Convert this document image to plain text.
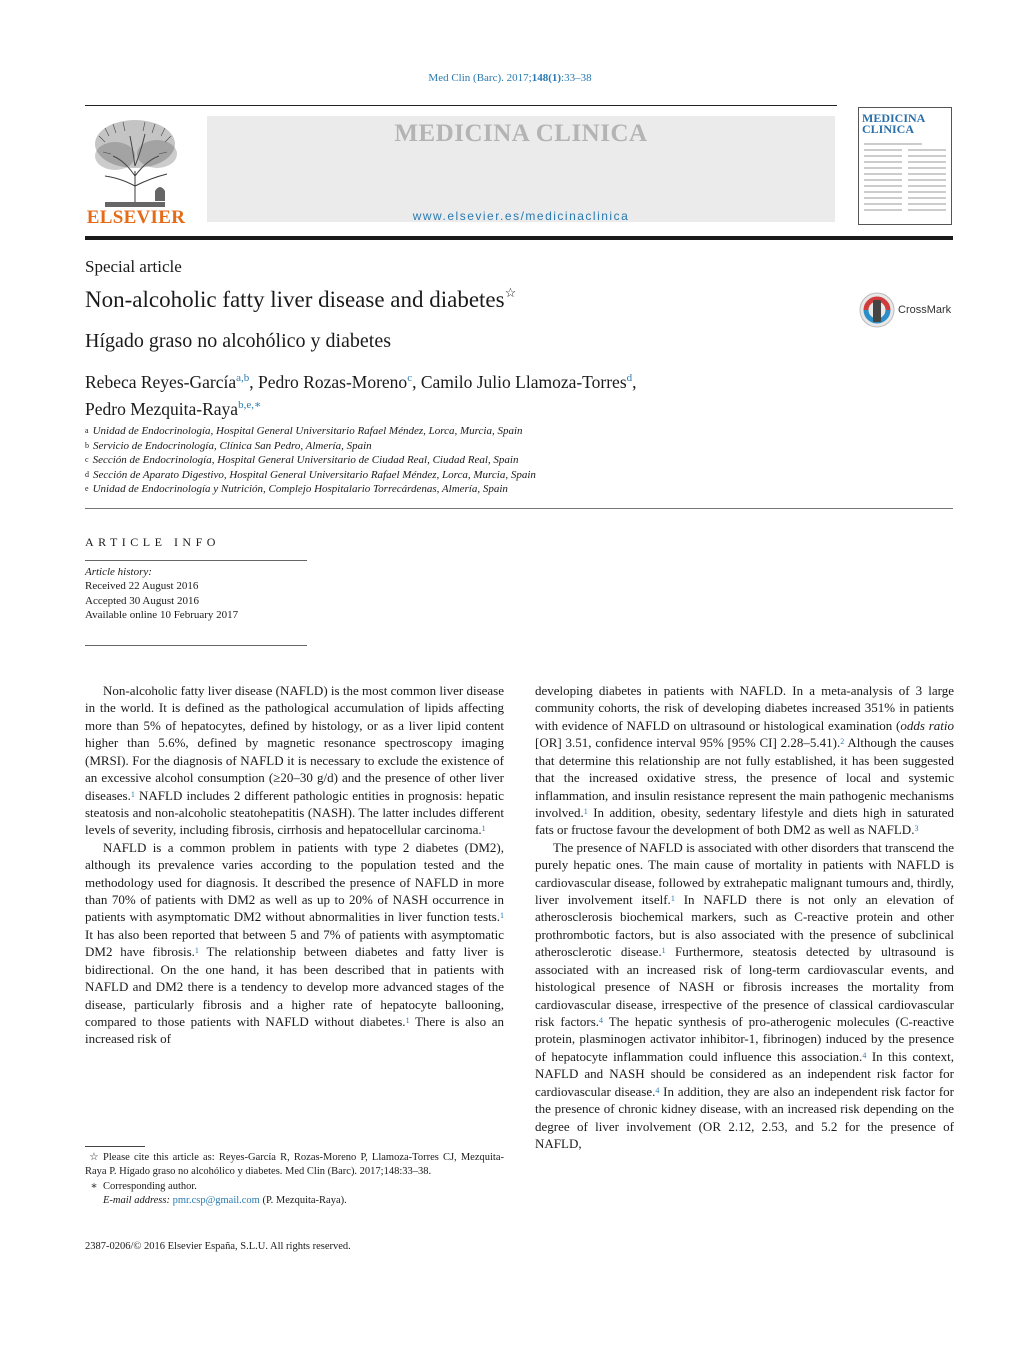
Med Clin (Barc). 2017;148(1):33–38
ELSEVIER
MEDICINA CLINICA
www.elsevier.es/medicinaclinica
MEDICINA CLINICA
Special article
Non-alcoholic fatty liver disease and diabetes☆
Hígado graso no alcohólico y diabetes
CrossMark
Rebeca Reyes-García$^{a,b}$, Pedro Rozas-Moreno$^c$, Camilo Julio Llamoza-Torres$^d$,
Pedro Mezquita-Raya$^{b,e,∗}$
$^a$ Unidad de Endocrinología, Hospital General Universitario Rafael Méndez, Lorca, Murcia, Spain
$^b$ Servicio de Endocrinología, Clínica San Pedro, Almería, Spain
$^c$ Sección de Endocrinología, Hospital General Universitario de Ciudad Real, Ciudad Real, Spain
$^d$ Sección de Aparato Digestivo, Hospital General Universitario Rafael Méndez, Lorca, Murcia, Spain
$^e$ Unidad de Endocrinología y Nutrición, Complejo Hospitalario Torrecárdenas, Almería, Spain
ARTICLE INFO
Article history:
Received 22 August 2016
Accepted 30 August 2016
Available online 10 February 2017

Non-alcoholic fatty liver disease (NAFLD) is the most common liver disease in the world. It is defined as the pathological accumulation of lipids affecting more than 5% of hepatocytes, defined by histology, or as a liver lipid content higher than 5.6%, defined by magnetic resonance spectroscopy imaging (MRSI). For the diagnosis of NAFLD it is necessary to exclude the existence of an excessive alcohol consumption (≥20–30 g/d) and the presence of other liver diseases.$^1$ NAFLD includes 2 different pathologic entities in prognosis: hepatic steatosis and non-alcoholic steatohepatitis (NASH). The latter includes different levels of severity, including fibrosis, cirrhosis and hepatocellular carcinoma.$^1$

NAFLD is a common problem in patients with type 2 diabetes (DM2), although its prevalence varies according to the population tested and the methodology used for diagnosis. It described the presence of NAFLD in more than 70% of patients with DM2 as well as up to 20% of NASH occurrence in patients with asymptomatic DM2 without abnormalities in liver function tests.$^1$ It has also been reported that between 5 and 7% of patients with asymptomatic DM2 have fibrosis.$^1$ The relationship between diabetes and fatty liver is bidirectional. On the one hand, it has been described that in patients with NAFLD and DM2 there is a tendency to develop more advanced stages of the disease, particularly fibrosis and a higher rate of hepatocyte ballooning, compared to those patients with NAFLD without diabetes.$^1$ There is also an increased risk of

developing diabetes in patients with NAFLD. In a meta-analysis of 3 large community cohorts, the risk of developing diabetes increased 351% in patients with evidence of NAFLD on ultrasound or histological examination (odds ratio [OR] 3.51, confidence interval 95% [95% CI] 2.28–5.41).$^2$ Although the causes that determine this relationship are not fully established, it has been suggested that the increased oxidative stress, the presence of local and systemic inflammation, and insulin resistance represent the main pathogenic mechanisms involved.$^1$ In addition, obesity, sedentary lifestyle and diets high in saturated fats or fructose favour the development of both DM2 as well as NAFLD.$^3$

The presence of NAFLD is associated with other disorders that transcend the purely hepatic ones. The main cause of mortality in patients with NAFLD is cardiovascular disease, followed by extrahepatic malignant tumours and, thirdly, liver involvement itself.$^1$ In NAFLD there is not only an elevation of atherosclerosis biochemical markers, such as C-reactive protein and other prothrombotic factors, but is also associated with the presence of subclinical atherosclerotic disease.$^1$ Furthermore, steatosis detected by ultrasound is associated with an increased risk of long-term cardiovascular events, and histological presence of NASH or fibrosis increases the mortality from cardiovascular disease, irrespective of the presence of classical cardiovascular risk factors.$^4$ The hepatic synthesis of pro-atherogenic molecules (C-reactive protein, plasminogen activator inhibitor-1, fibrinogen) induced by the presence of hepatocyte inflammation could influence this association.$^4$ In this context, NAFLD and NASH should be considered as an independent risk factor for cardiovascular disease.$^4$ In addition, they are also an independent risk factor for the presence of chronic kidney disease, with an increased risk depending on the degree of liver involvement (OR 2.12, 2.53, and 5.2 for the presence of NAFLD,

☆ Please cite this article as: Reyes-García R, Rozas-Moreno P, Llamoza-Torres CJ, Mezquita-Raya P. Hígado graso no alcohólico y diabetes. Med Clin (Barc). 2017;148:33–38.

∗ Corresponding author.

E-mail address: pmr.csp@gmail.com (P. Mezquita-Raya).

2387-0206/© 2016 Elsevier España, S.L.U. All rights reserved.
